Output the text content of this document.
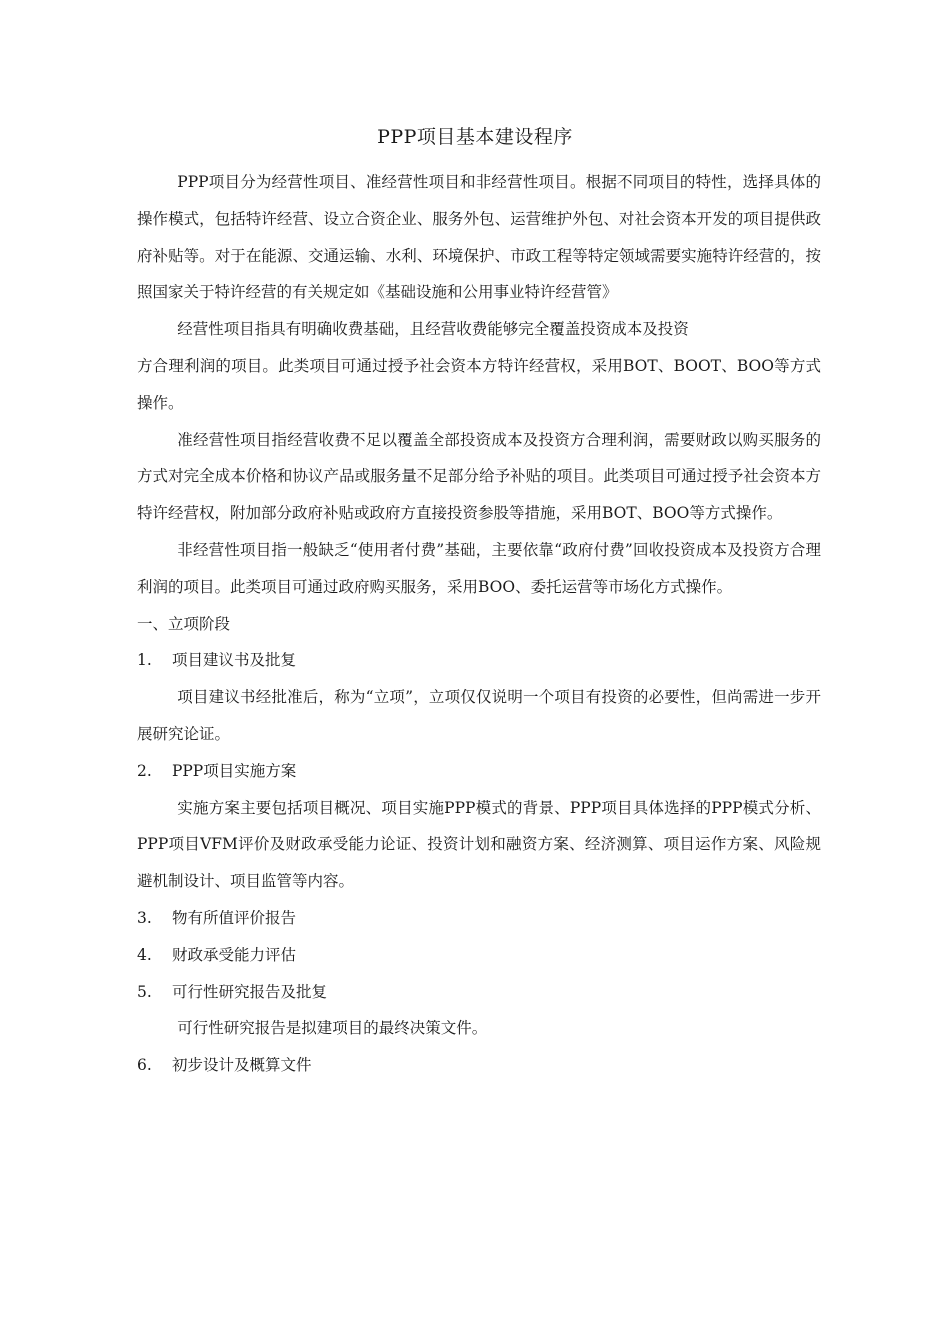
PPP项目基本建设程序

PPP项目分为经营性项目、准经营性项目和非经营性项目。根据不同项目的特性，选择具体的操作模式，包括特许经营、设立合资企业、服务外包、运营维护外包、对社会资本开发的项目提供政府补贴等。对于在能源、交通运输、水利、环境保护、市政工程等特定领域需要实施特许经营的，按照国家关于特许经营的有关规定如《基础设施和公用事业特许经营管》

经营性项目指具有明确收费基础，且经营收费能够完全覆盖投资成本及投资

方合理利润的项目。此类项目可通过授予社会资本方特许经营权，采用BOT、BOOT、BOO等方式操作。

准经营性项目指经营收费不足以覆盖全部投资成本及投资方合理利润，需要财政以购买服务的方式对完全成本价格和协议产品或服务量不足部分给予补贴的项目。此类项目可通过授予社会资本方特许经营权，附加部分政府补贴或政府方直接投资参股等措施，采用BOT、BOO等方式操作。

非经营性项目指一般缺乏“使用者付费”基础，主要依靠“政府付费”回收投资成本及投资方合理利润的项目。此类项目可通过政府购买服务，采用BOO、委托运营等市场化方式操作。

一、立项阶段

1. 项目建议书及批复

项目建议书经批准后，称为“立项”，立项仅仅说明一个项目有投资的必要性，但尚需进一步开展研究论证。

2. PPP项目实施方案

实施方案主要包括项目概况、项目实施PPP模式的背景、PPP项目具体选择的PPP模式分析、PPP项目VFM评价及财政承受能力论证、投资计划和融资方案、经济测算、项目运作方案、风险规避机制设计、项目监管等内容。

3. 物有所值评价报告

4. 财政承受能力评估

5. 可行性研究报告及批复

可行性研究报告是拟建项目的最终决策文件。

6. 初步设计及概算文件
